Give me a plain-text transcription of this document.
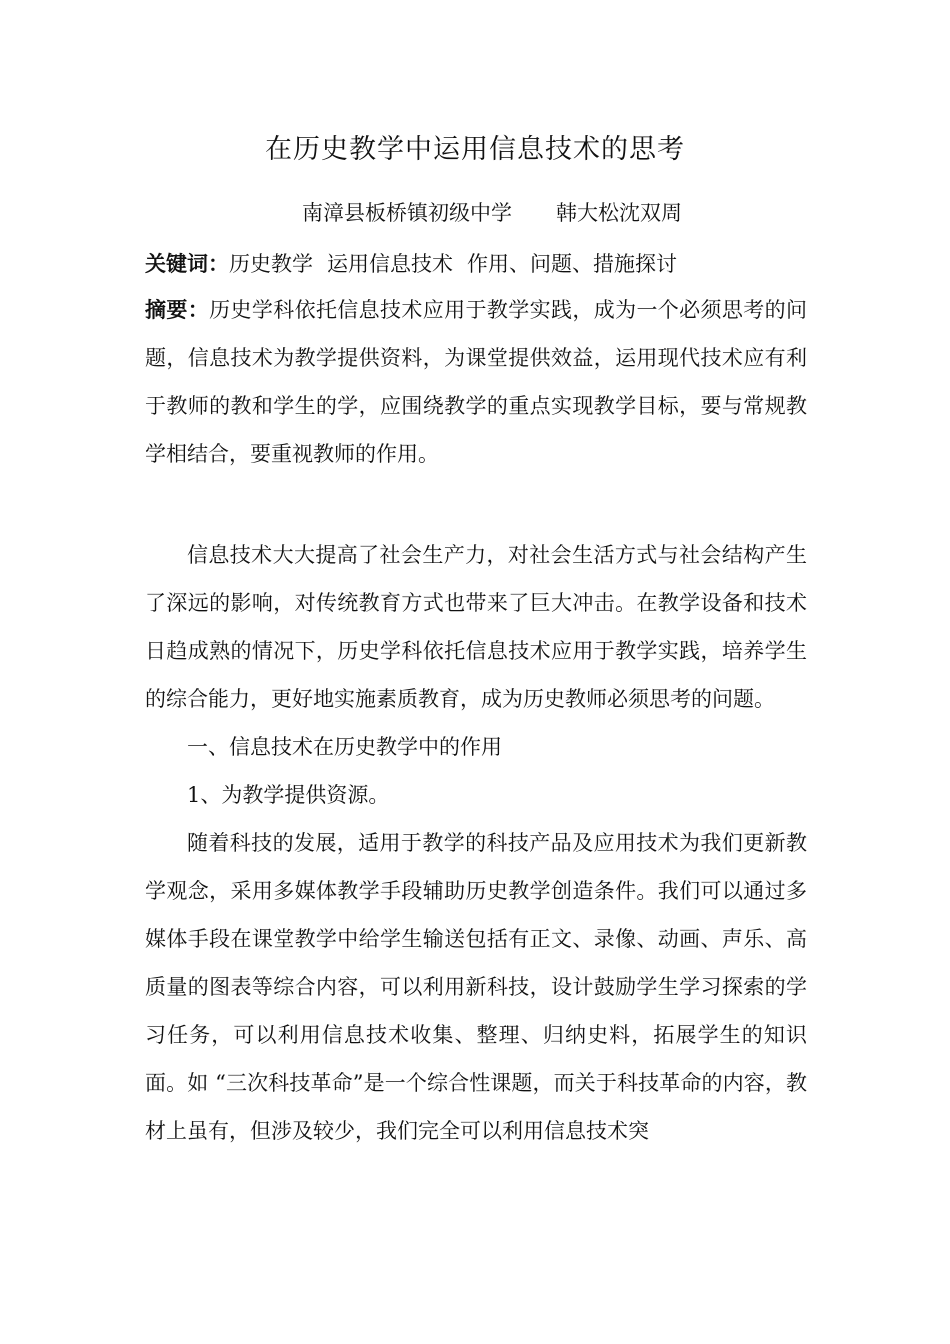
在历史教学中运用信息技术的思考
南漳县板桥镇初级中学 韩大松沈双周
关键词：历史教学 运用信息技术 作用、问题、措施探讨

摘要：历史学科依托信息技术应用于教学实践，成为一个必须思考的问题，信息技术为教学提供资料，为课堂提供效益，运用现代技术应有利于教师的教和学生的学，应围绕教学的重点实现教学目标，要与常规教学相结合，要重视教师的作用。

信息技术大大提高了社会生产力，对社会生活方式与社会结构产生了深远的影响，对传统教育方式也带来了巨大冲击。在教学设备和技术日趋成熟的情况下，历史学科依托信息技术应用于教学实践，培养学生的综合能力，更好地实施素质教育，成为历史教师必须思考的问题。

一、信息技术在历史教学中的作用

1、为教学提供资源。

随着科技的发展，适用于教学的科技产品及应用技术为我们更新教学观念，采用多媒体教学手段辅助历史教学创造条件。我们可以通过多媒体手段在课堂教学中给学生输送包括有正文、录像、动画、声乐、高质量的图表等综合内容，可以利用新科技，设计鼓励学生学习探索的学习任务，可以利用信息技术收集、整理、归纳史料，拓展学生的知识面。如 “三次科技革命”是一个综合性课题，而关于科技革命的内容，教材上虽有，但涉及较少，我们完全可以利用信息技术突
